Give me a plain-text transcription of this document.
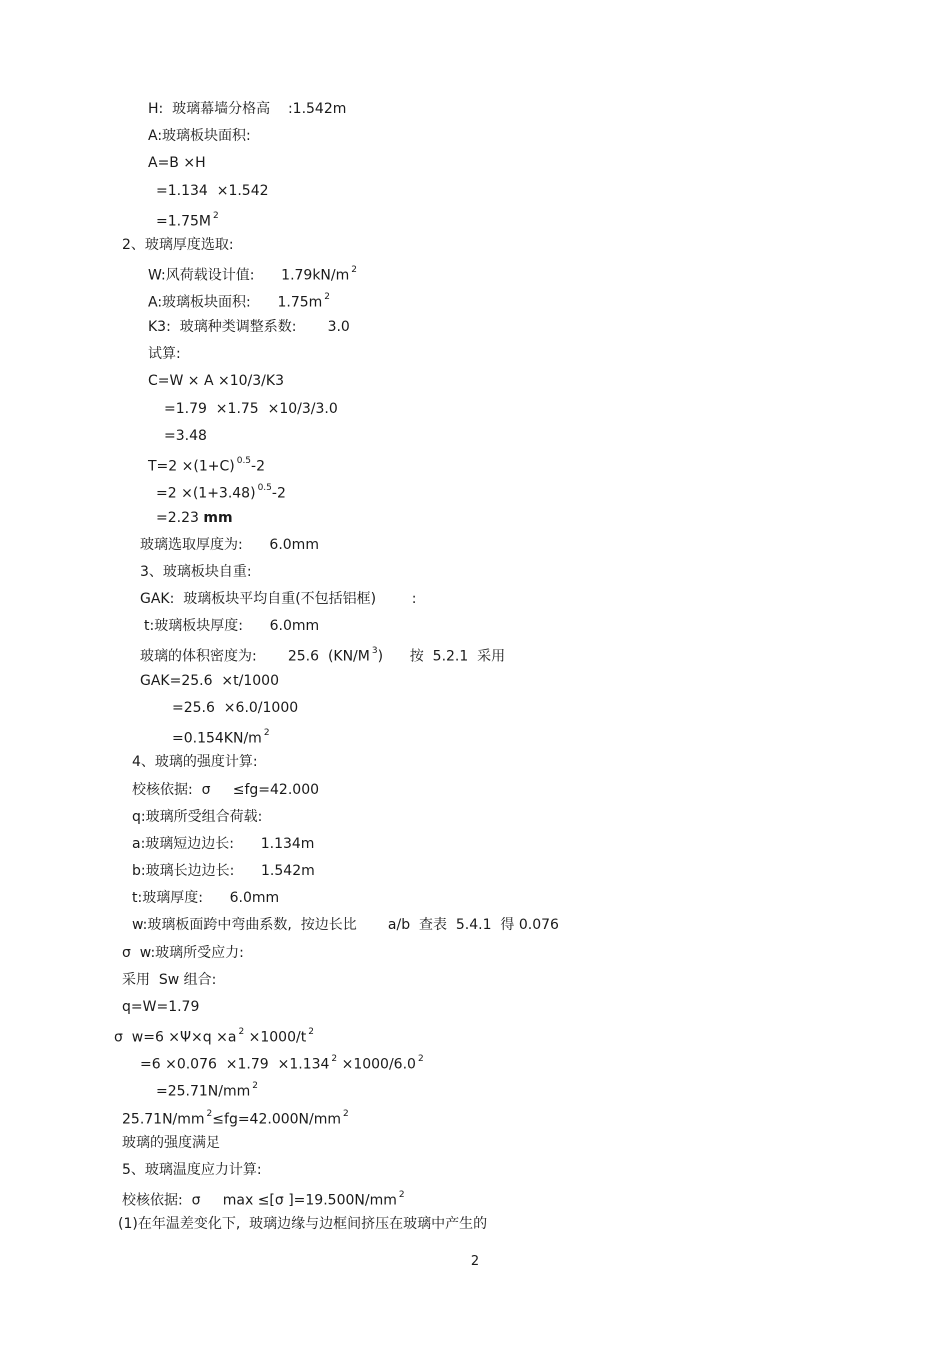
H:  玻璃幕墙分格高    :1.542m
A:玻璃板块面积:
A=B ×H
=1.134  ×1.542
=1.75M $^2$
2、玻璃厚度选取:
W:风荷载设计值:      1.79kN/m $^2$
A:玻璃板块面积:      1.75m $^2$
K3:  玻璃种类调整系数:       3.0
试算:
C=W × A ×10/3/K3
=1.79  ×1.75  ×10/3/3.0
=3.48
T=2 ×(1+C) $^{0.5}$-2
=2 ×(1+3.48) $^{0.5}$-2
=2.23 mm
玻璃选取厚度为:      6.0mm
3、玻璃板块自重:
GAK:  玻璃板块平均自重(不包括铝框)        :
t:玻璃板块厚度:      6.0mm
玻璃的体积密度为:       25.6  (KN/M $^3$)      按  5.2.1  采用
GAK=25.6  ×t/1000
=25.6  ×6.0/1000
=0.154KN/m $^2$
4、玻璃的强度计算:
校核依据:  σ     ≤fg=42.000
q:玻璃所受组合荷载:
a:玻璃短边边长:      1.134m
b:玻璃长边边长:      1.542m
t:玻璃厚度:      6.0mm
w:玻璃板面跨中弯曲系数,  按边长比       a/b  查表  5.4.1  得 0.076
σ  w:玻璃所受应力:
采用  Sw 组合:
q=W=1.79
σ  w=6 ×Ψ×q ×a $^2$ ×1000/t $^2$
=6 ×0.076  ×1.79  ×1.134 $^2$ ×1000/6.0 $^2$
=25.71N/mm $^2$
25.71N/mm $^2$≤fg=42.000N/mm $^2$
玻璃的强度满足
5、玻璃温度应力计算:
校核依据:  σ     max ≤[σ ]=19.500N/mm $^2$
(1)在年温差变化下,  玻璃边缘与边框间挤压在玻璃中产生的
2
